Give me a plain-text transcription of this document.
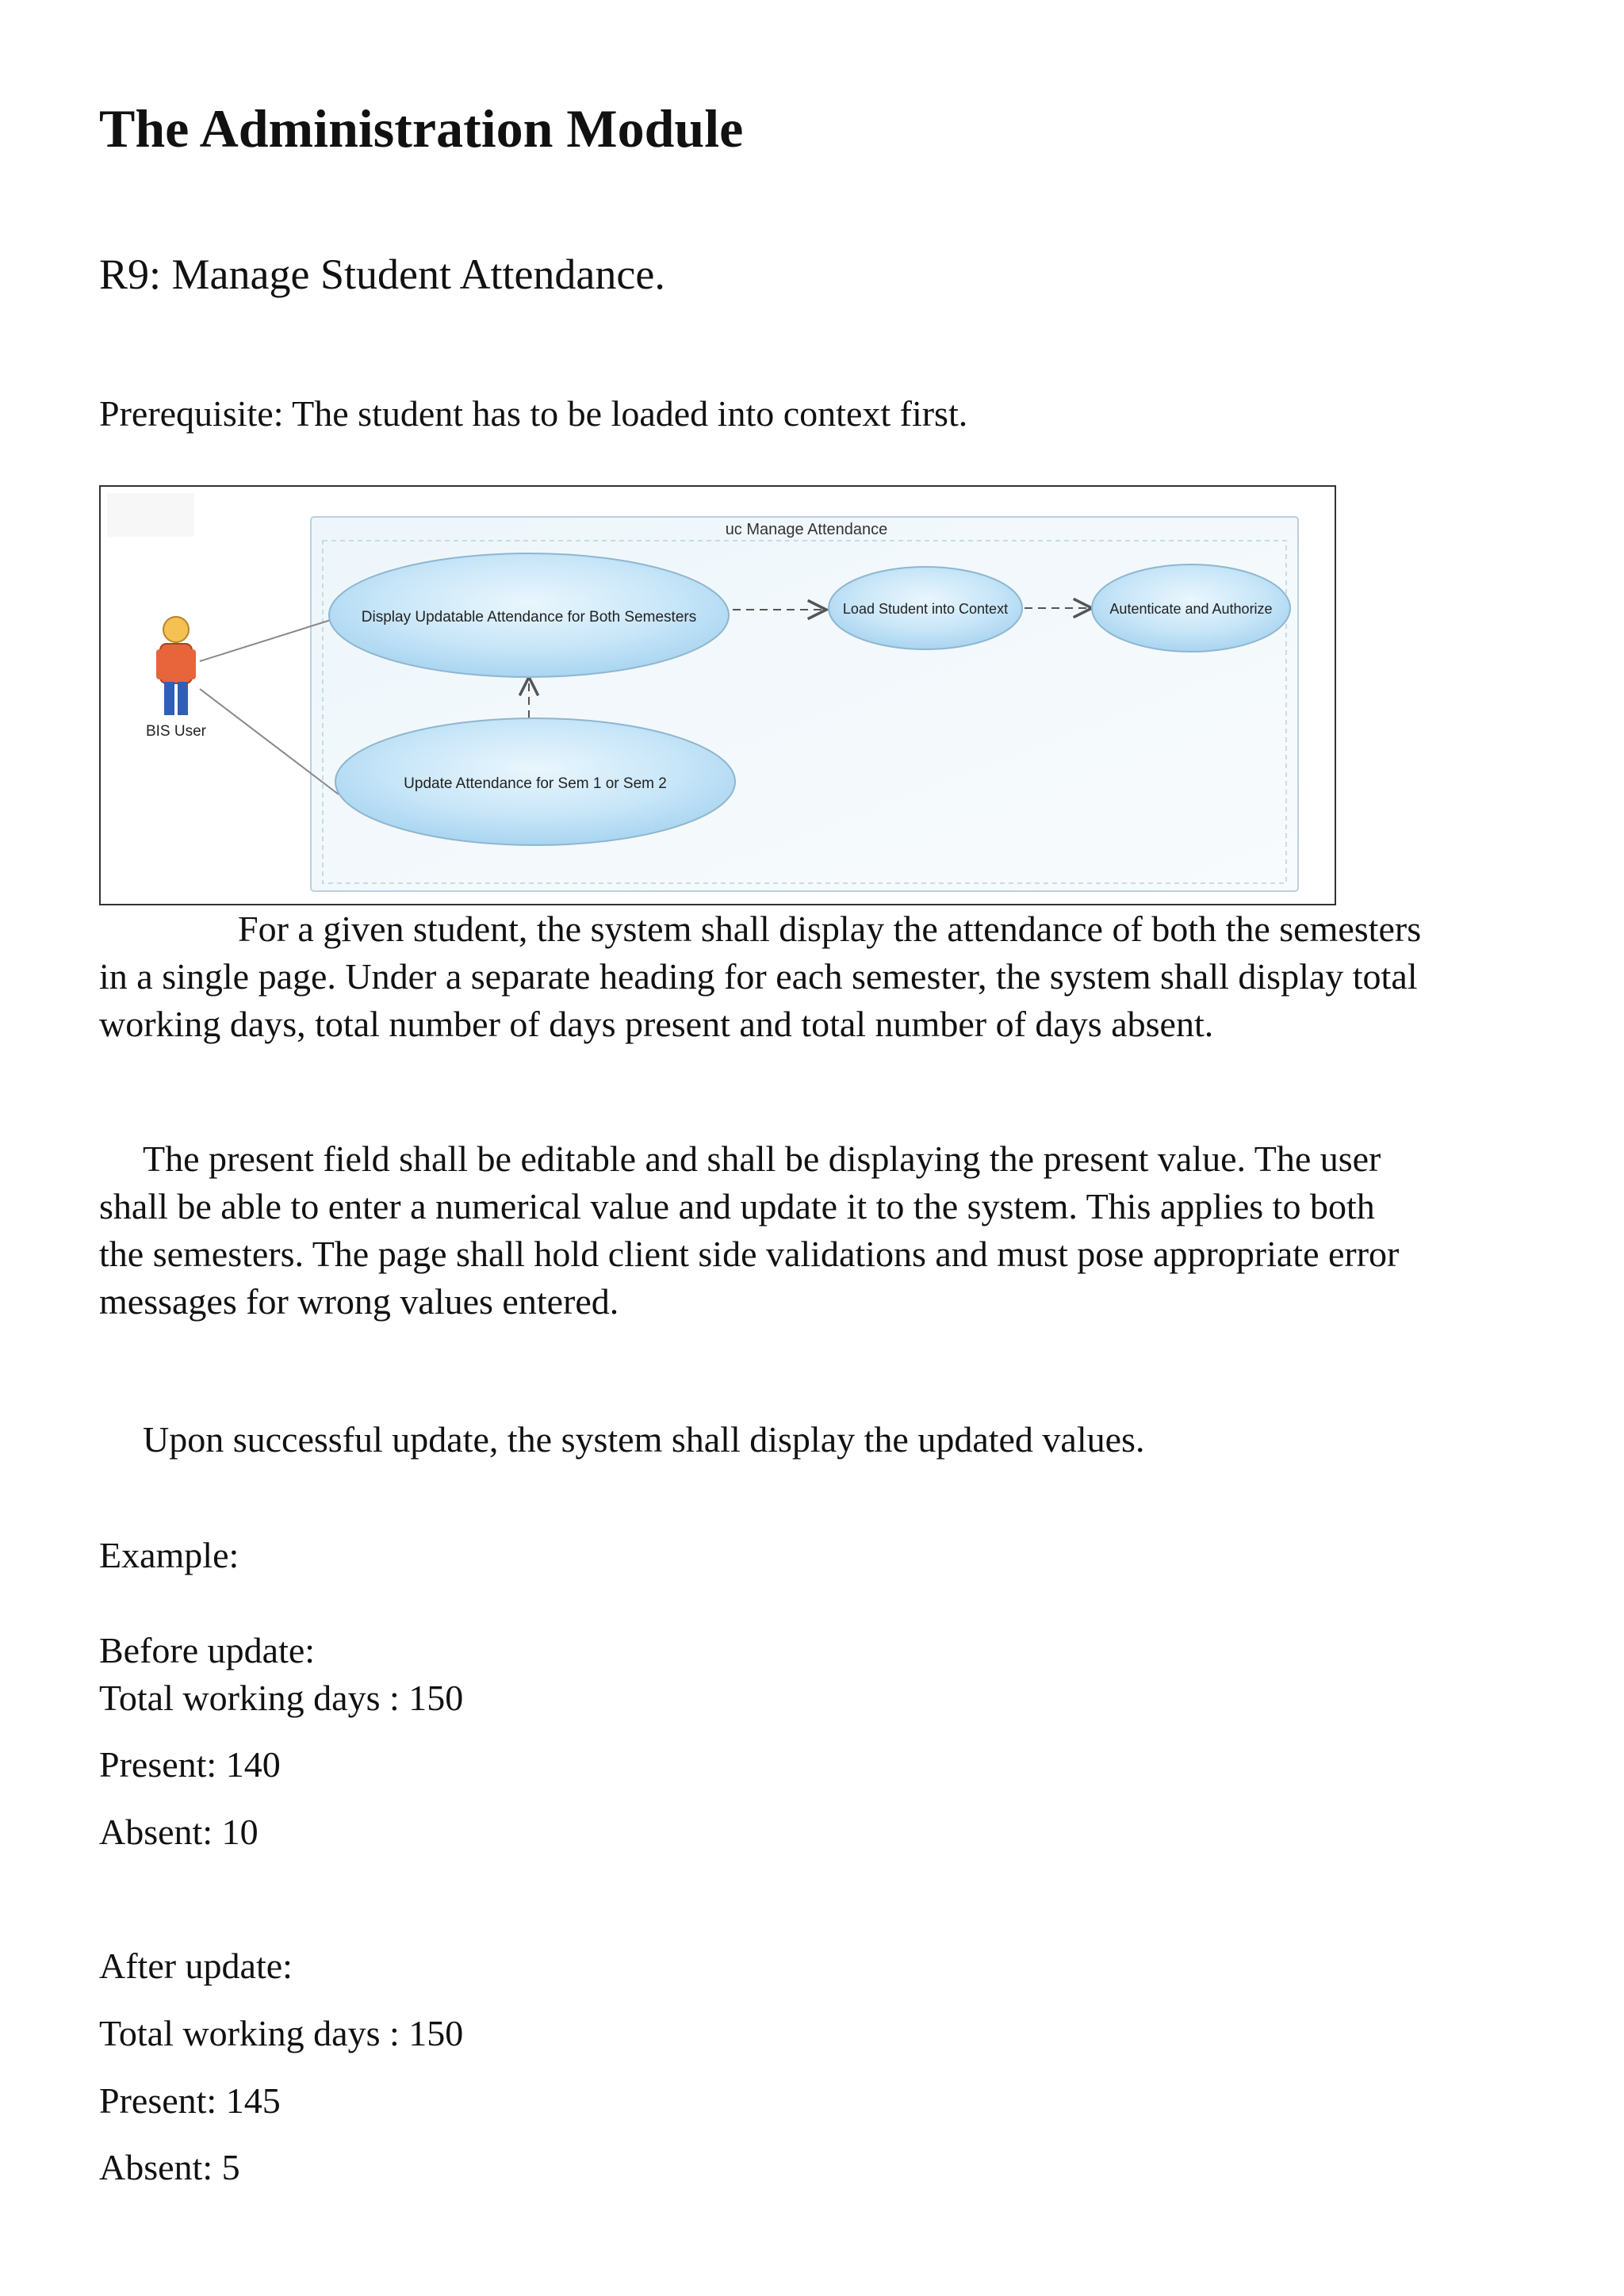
The Administration Module
R9: Manage Student Attendance.

Prerequisite: The student has to be loaded into context first.

uc Manage Attendance
BIS User
Display Updatable Attendance for Both Semesters	Load Student into Context	Autenticate and Authorize
Update Attendance for Sem 1 or Sem 2
For a given student, the system shall display the attendance of both the semesters
in a single page. Under a separate heading for each semester, the system shall display total
working days, total number of days present and total number of days absent.
The present field shall be editable and shall be displaying the present value. The user
shall be able to enter a numerical value and update it to the system. This applies to both
the semesters. The page shall hold client side validations and must pose appropriate error
messages for wrong values entered.

Upon successful update, the system shall display the updated values.

Example:

Before update:

Total working days : 150

Present: 140

Absent: 10

After update:

Total working days : 150

Present: 145

Absent: 5
